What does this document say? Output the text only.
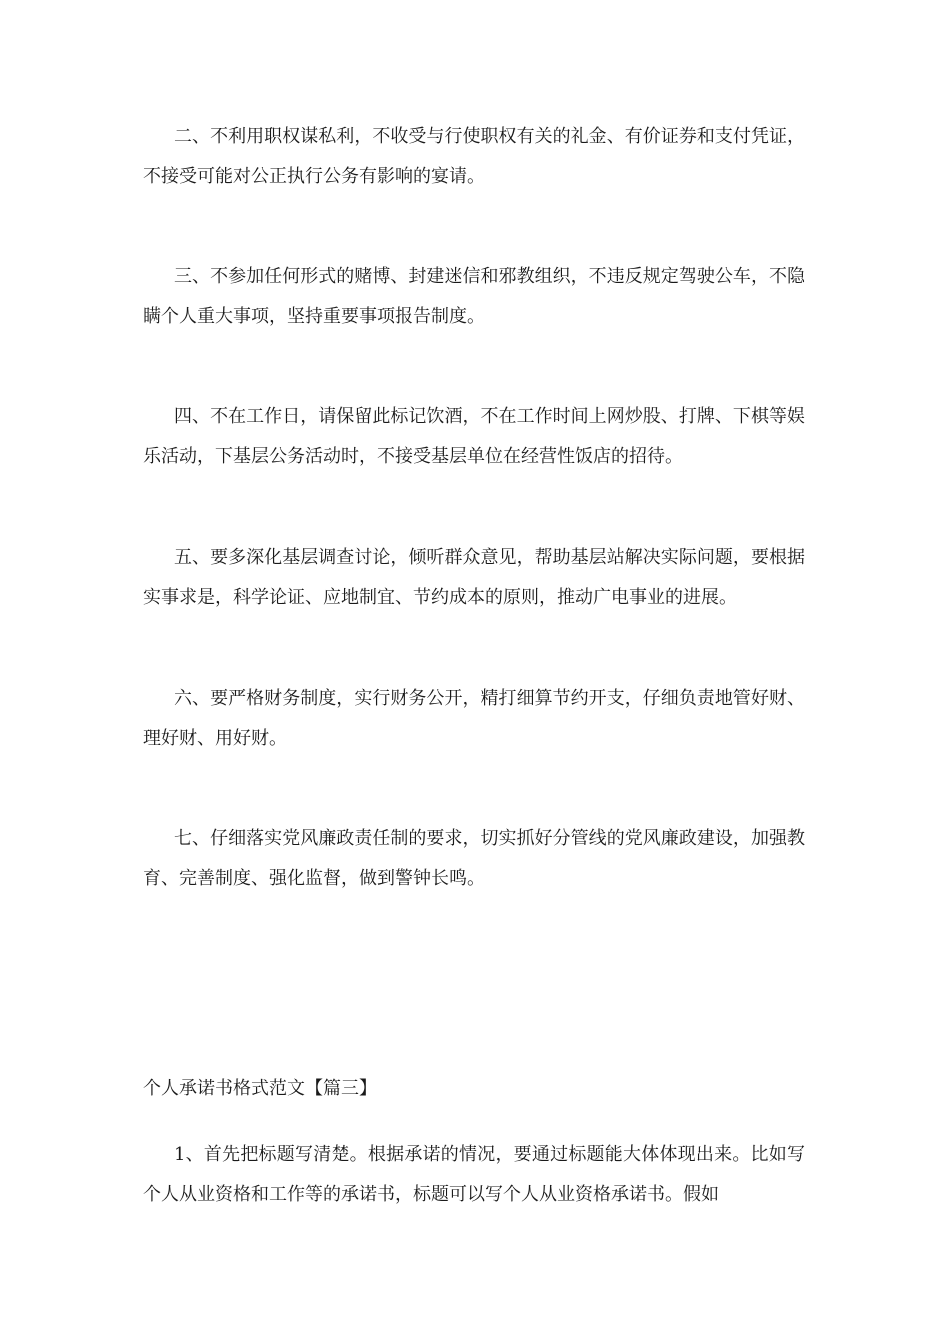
二、不利用职权谋私利，不收受与行使职权有关的礼金、有价证券和支付凭证，不接受可能对公正执行公务有影响的宴请。

三、不参加任何形式的赌博、封建迷信和邪教组织，不违反规定驾驶公车，不隐瞒个人重大事项，坚持重要事项报告制度。

四、不在工作日，请保留此标记饮酒，不在工作时间上网炒股、打牌、下棋等娱乐活动，下基层公务活动时，不接受基层单位在经营性饭店的招待。

五、要多深化基层调查讨论，倾听群众意见，帮助基层站解决实际问题，要根据实事求是，科学论证、应地制宜、节约成本的原则，推动广电事业的进展。

六、要严格财务制度，实行财务公开，精打细算节约开支，仔细负责地管好财、理好财、用好财。

七、仔细落实党风廉政责任制的要求，切实抓好分管线的党风廉政建设，加强教育、完善制度、强化监督，做到警钟长鸣。

个人承诺书格式范文【篇三】

1、首先把标题写清楚。根据承诺的情况，要通过标题能大体体现出来。比如写个人从业资格和工作等的承诺书，标题可以写个人从业资格承诺书。假如
